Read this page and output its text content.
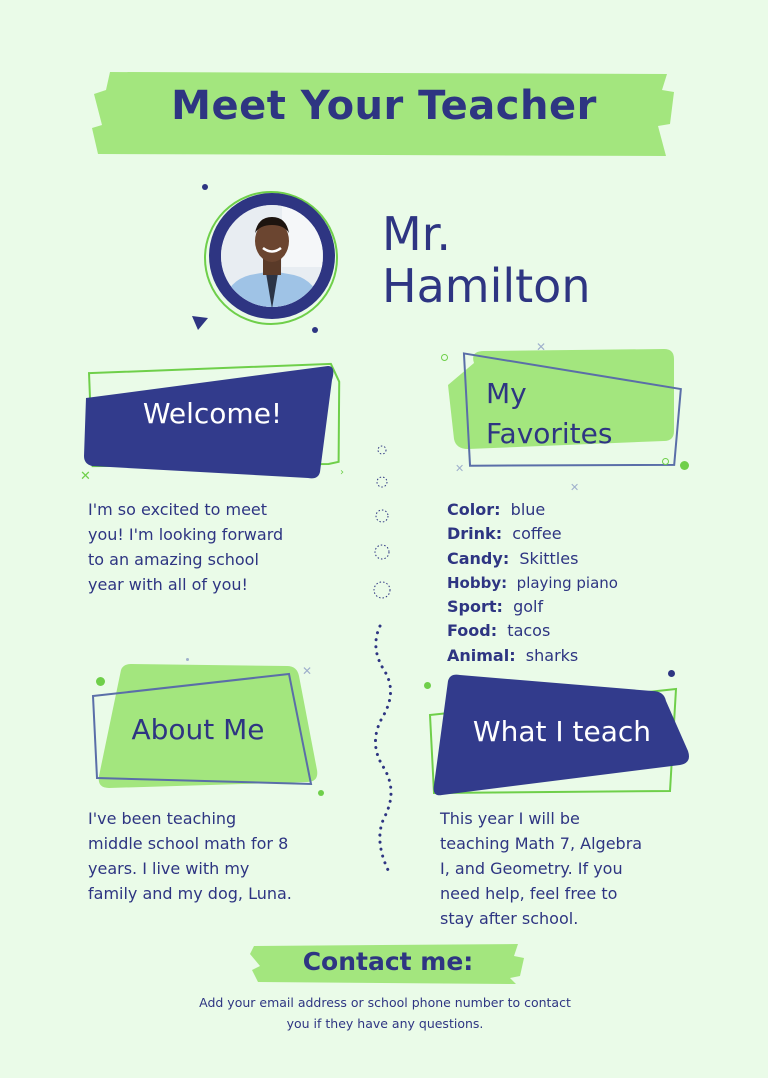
Meet Your Teacher
Mr.
Hamilton
Welcome!
✕	›
I'm so excited to meet
you! I'm looking forward
to an amazing school
year with all of you!
✕
✕
✕
My
Favorites
Color: blue
Drink: coffee
Candy: Skittles
Hobby: playing piano
Sport: golf
Food: tacos
Animal: sharks
✕
About Me
I've been teaching
middle school math for 8
years. I live with my
family and my dog, Luna.
What I teach
This year I will be
teaching Math 7, Algebra
I, and Geometry. If you
need help, feel free to
stay after school.
Contact me:
Add your email address or school phone number to contact
you if they have any questions.
